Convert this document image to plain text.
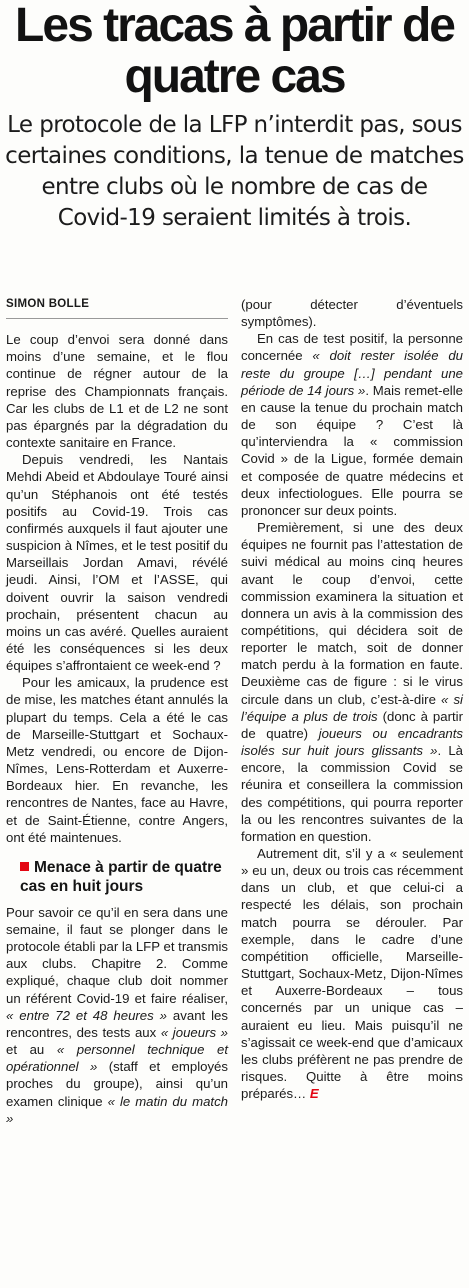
Les tracas à partir de quatre cas
Le protocole de la LFP n’interdit pas, sous certaines conditions, la tenue de matches entre clubs où le nombre de cas de Covid-19 seraient limités à trois.
SIMON BOLLE

Le coup d’envoi sera donné dans moins d’une semaine, et le flou continue de régner autour de la reprise des Championnats français. Car les clubs de L1 et de L2 ne sont pas épargnés par la dégradation du contexte sanitaire en France.

Depuis vendredi, les Nantais Mehdi Abeid et Abdoulaye Touré ainsi qu’un Stéphanois ont été testés positifs au Covid-19. Trois cas confirmés auxquels il faut ajouter une suspicion à Nîmes, et le test positif du Marseillais Jordan Amavi, révélé jeudi. Ainsi, l’OM et l’ASSE, qui doivent ouvrir la saison vendredi prochain, présentent chacun au moins un cas avéré. Quelles auraient été les conséquences si les deux équipes s’affrontaient ce week-end ?

Pour les amicaux, la prudence est de mise, les matches étant annulés la plupart du temps. Cela a été le cas de Marseille-Stuttgart et Sochaux-Metz vendredi, ou encore de Dijon-Nîmes, Lens-Rotterdam et Auxerre-Bordeaux hier. En revanche, les rencontres de Nantes, face au Havre, et de Saint-Étienne, contre Angers, ont été maintenues.

Menace à partir de quatre cas en huit jours

Pour savoir ce qu’il en sera dans une semaine, il faut se plonger dans le protocole établi par la LFP et transmis aux clubs. Chapitre 2. Comme expliqué, chaque club doit nommer un référent Covid-19 et faire réaliser, « entre 72 et 48 heures » avant les rencontres, des tests aux « joueurs » et au « personnel technique et opérationnel » (staff et employés proches du groupe), ainsi qu’un examen clinique « le matin du match »

(pour détecter d’éventuels symptômes).

En cas de test positif, la personne concernée « doit rester isolée du reste du groupe […] pendant une période de 14 jours ». Mais remet-elle en cause la tenue du prochain match de son équipe ? C’est là qu’interviendra la « commission Covid » de la Ligue, formée demain et composée de quatre médecins et deux infectiologues. Elle pourra se prononcer sur deux points.

Premièrement, si une des deux équipes ne fournit pas l’attestation de suivi médical au moins cinq heures avant le coup d’envoi, cette commission examinera la situation et donnera un avis à la commission des compétitions, qui décidera soit de reporter le match, soit de donner match perdu à la formation en faute. Deuxième cas de figure : si le virus circule dans un club, c’est-à-dire « si l’équipe a plus de trois (donc à partir de quatre) joueurs ou encadrants isolés sur huit jours glissants ». Là encore, la commission Covid se réunira et conseillera la commission des compétitions, qui pourra reporter la ou les rencontres suivantes de la formation en question.

Autrement dit, s’il y a « seulement » eu un, deux ou trois cas récemment dans un club, et que celui-ci a respecté les délais, son prochain match pourra se dérouler. Par exemple, dans le cadre d’une compétition officielle, Marseille-Stuttgart, Sochaux-Metz, Dijon-Nîmes et Auxerre-Bordeaux – tous concernés par un unique cas – auraient eu lieu. Mais puisqu’il ne s’agissait ce week-end que d’amicaux les clubs préfèrent ne pas prendre de risques. Quitte à être moins préparés… E
